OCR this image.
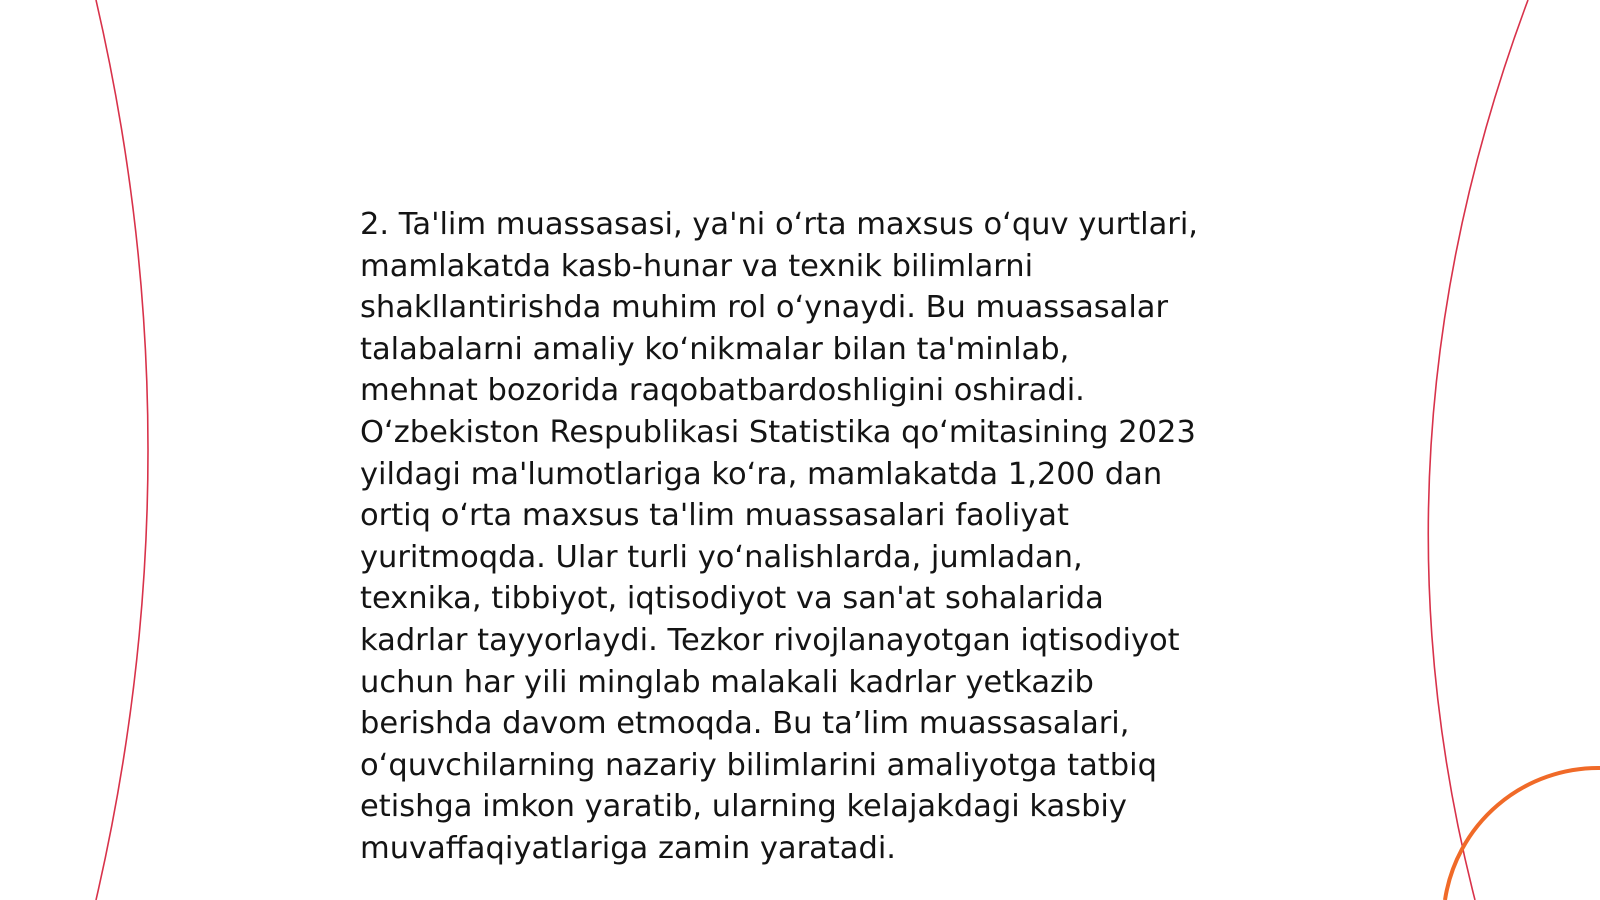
2. Ta'lim muassasasi, ya'ni o‘rta maxsus o‘quv yurtlari,
mamlakatda kasb-hunar va texnik bilimlarni
shakllantirishda muhim rol o‘ynaydi. Bu muassasalar
talabalarni amaliy ko‘nikmalar bilan ta'minlab,
mehnat bozorida raqobatbardoshligini oshiradi.
O‘zbekiston Respublikasi Statistika qo‘mitasining 2023
yildagi ma'lumotlariga ko‘ra, mamlakatda 1,200 dan
ortiq o‘rta maxsus ta'lim muassasalari faoliyat
yuritmoqda. Ular turli yo‘nalishlarda, jumladan,
texnika, tibbiyot, iqtisodiyot va san'at sohalarida
kadrlar tayyorlaydi. Tezkor rivojlanayotgan iqtisodiyot
uchun har yili minglab malakali kadrlar yetkazib
berishda davom etmoqda. Bu ta’lim muassasalari,
o‘quvchilarning nazariy bilimlarini amaliyotga tatbiq
etishga imkon yaratib, ularning kelajakdagi kasbiy
muvaffaqiyatlariga zamin yaratadi.
